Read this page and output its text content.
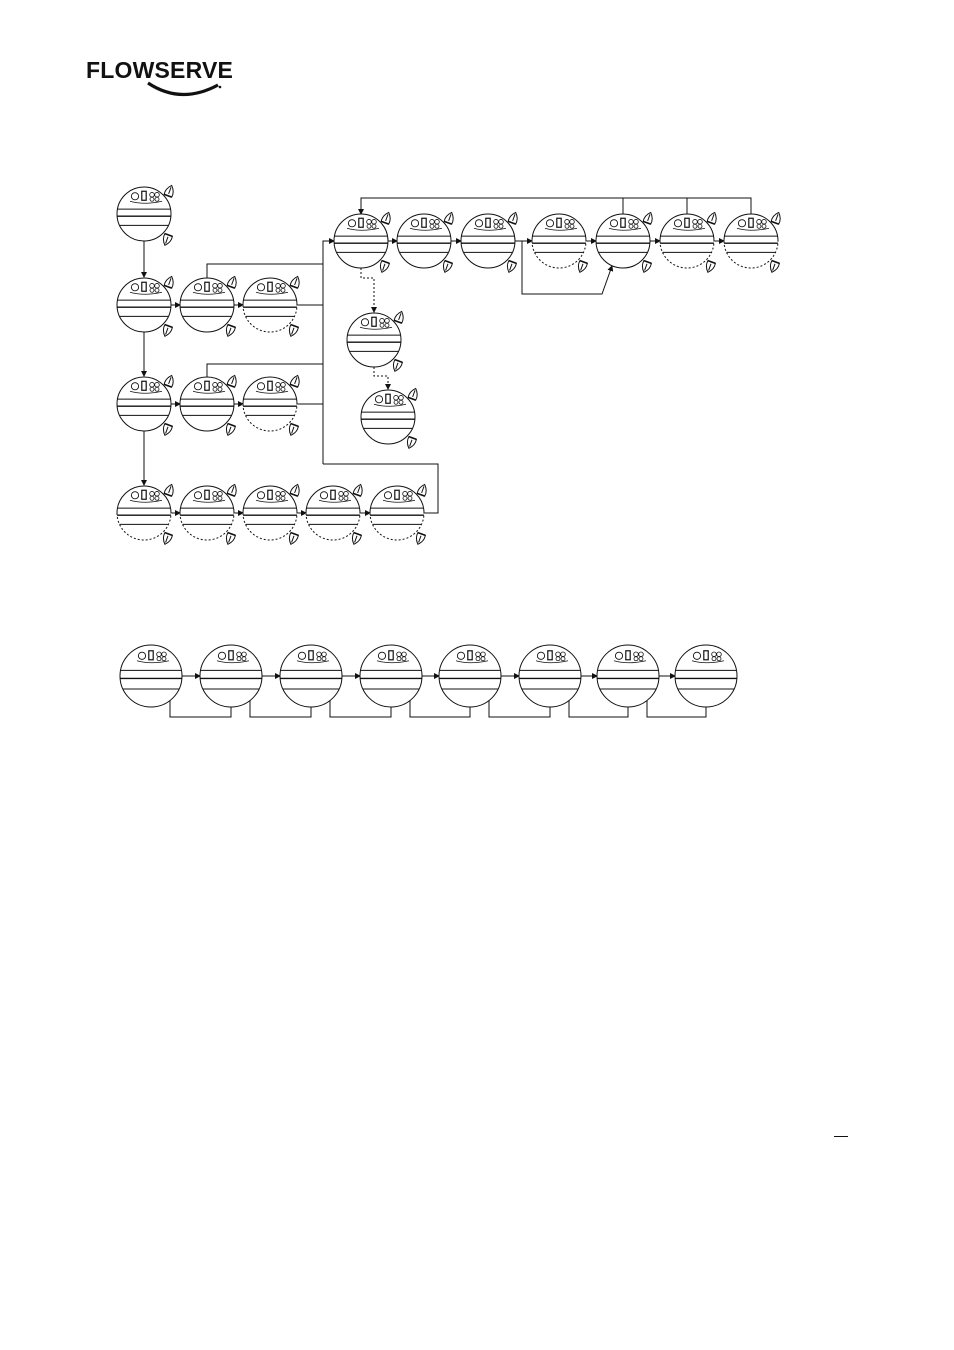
FLOWSERVE
